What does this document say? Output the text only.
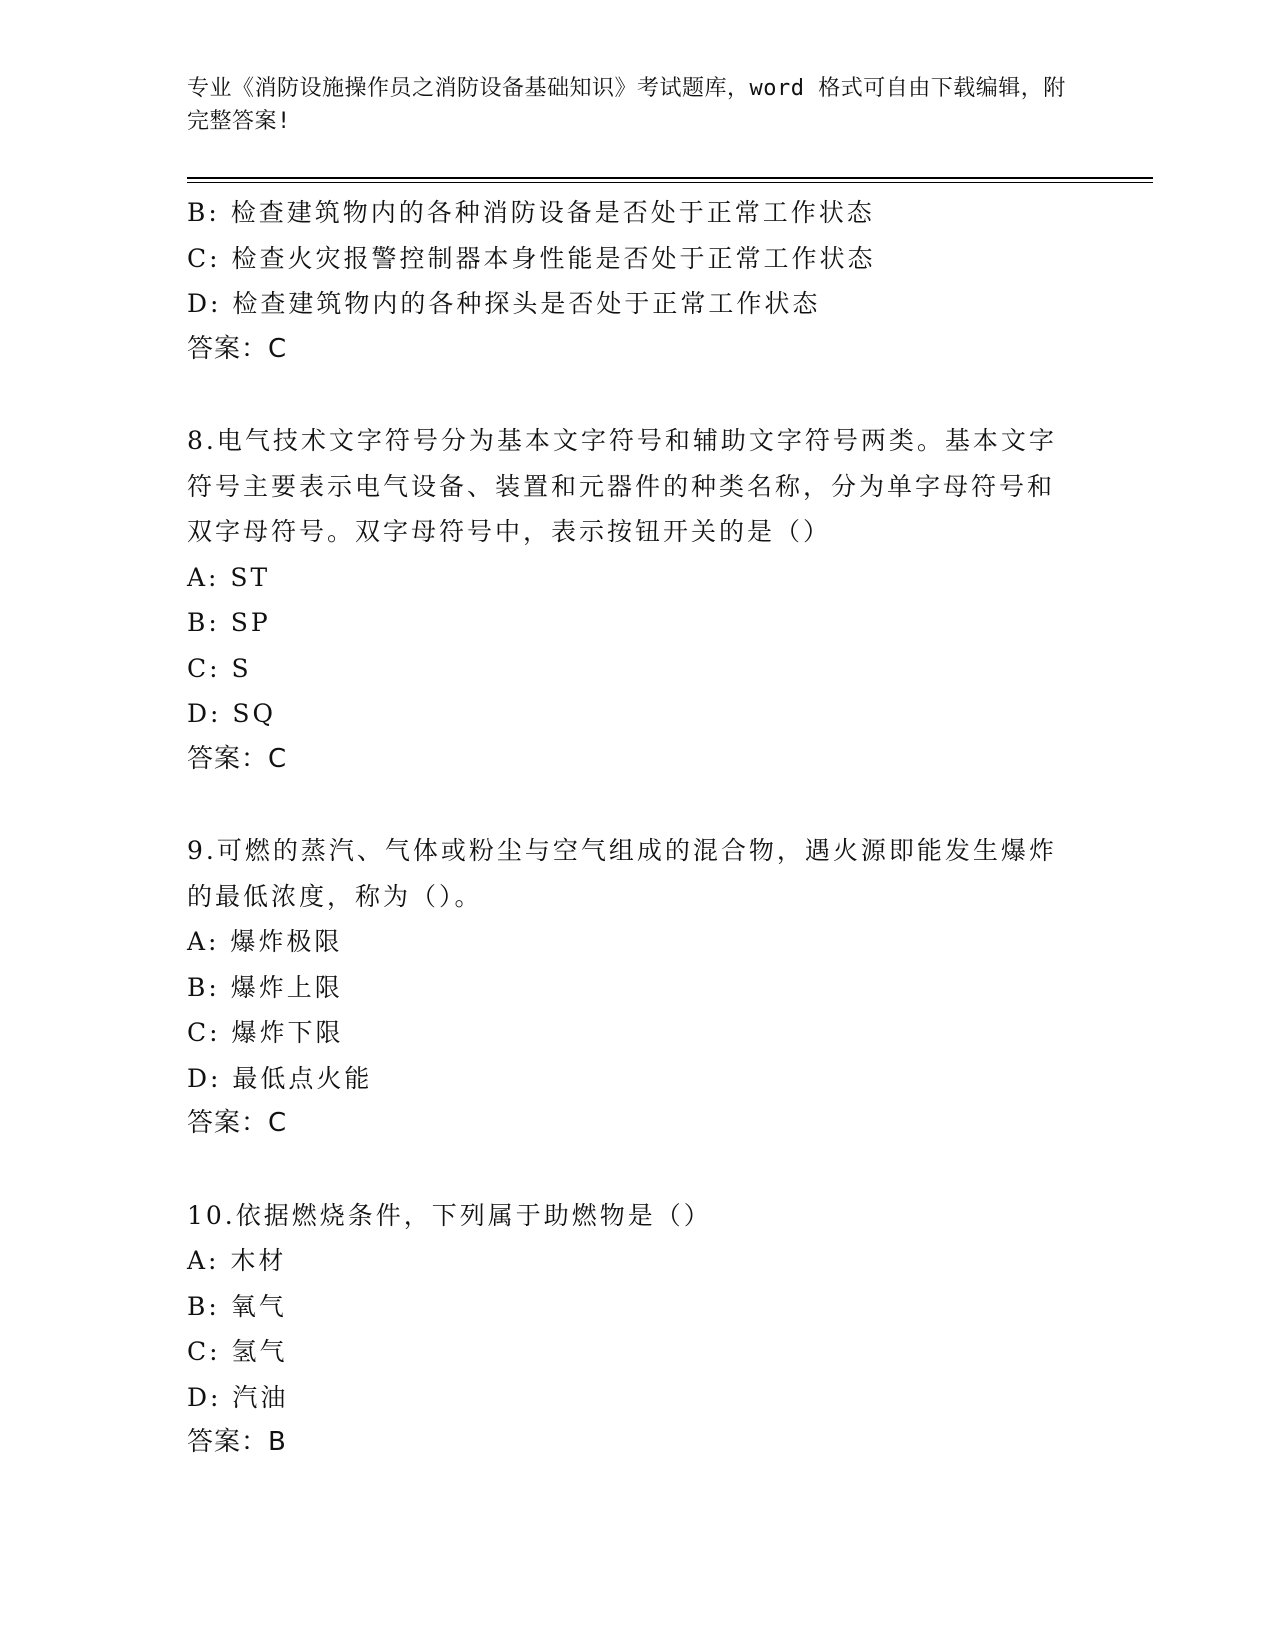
专业《消防设施操作员之消防设备基础知识》考试题库，word 格式可自由下载编辑，附完整答案!
B: 检查建筑物内的各种消防设备是否处于正常工作状态
C: 检查火灾报警控制器本身性能是否处于正常工作状态
D: 检查建筑物内的各种探头是否处于正常工作状态
答案：C
8.电气技术文字符号分为基本文字符号和辅助文字符号两类。基本文字符号主要表示电气设备、装置和元器件的种类名称，分为单字母符号和双字母符号。双字母符号中，表示按钮开关的是（）
A: ST
B: SP
C: S
D: SQ
答案：C
9.可燃的蒸汽、气体或粉尘与空气组成的混合物，遇火源即能发生爆炸的最低浓度，称为（）。
A: 爆炸极限
B: 爆炸上限
C: 爆炸下限
D: 最低点火能
答案：C
10.依据燃烧条件，下列属于助燃物是（）
A: 木材
B: 氧气
C: 氢气
D: 汽油
答案：B
